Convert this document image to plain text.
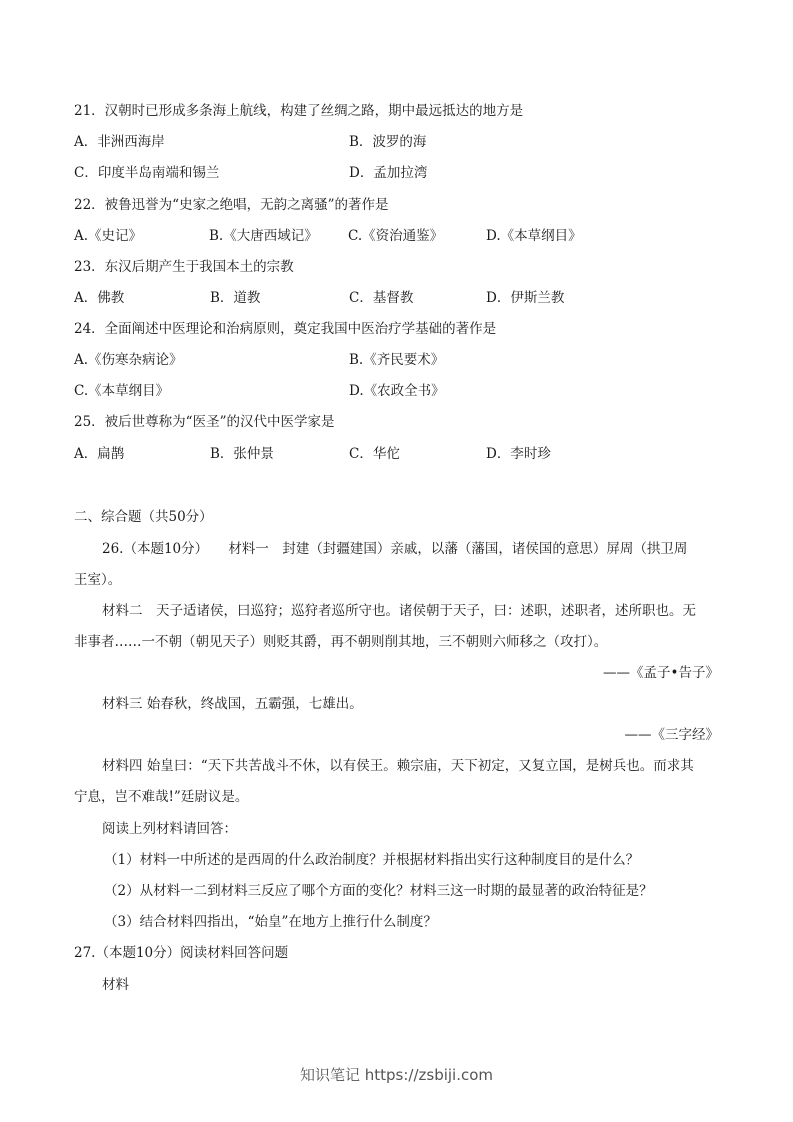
21．汉朝时已形成多条海上航线，构建了丝绸之路，期中最远抵达的地方是
A．非洲西海岸	B．波罗的海
C．印度半岛南端和锡兰	D．孟加拉湾
22．被鲁迅誉为“史家之绝唱，无韵之离骚”的著作是
A.《史记》	B.《大唐西域记》 C.《资治通鉴》	D.《本草纲目》
23．东汉后期产生于我国本土的宗教
A．佛教	B．道教	C．基督教	D．伊斯兰教
24．全面阐述中医理论和治病原则，奠定我国中医治疗学基础的著作是
A.《伤寒杂病论》	B.《齐民要术》
C.《本草纲目》	D.《农政全书》
25．被后世尊称为“医圣”的汉代中医学家是
A．扁鹊	B．张仲景	C．华佗	D．李时珍
二、综合题（共50分）
26.（本题10分）　　材料一　封建（封疆建国）亲戚，以藩（藩国，诸侯国的意思）屏周（拱卫周
王室）。
材料二　天子适诸侯，曰巡狩；巡狩者巡所守也。诸侯朝于天子，曰：述职，述职者，述所职也。无
非事者……一不朝（朝见天子）则贬其爵，再不朝则削其地，三不朝则六师移之（攻打）。
——《孟子•告子》
材料三 始春秋，终战国，五霸强，七雄出。
——《三字经》
材料四 始皇曰：“天下共苦战斗不休，以有侯王。赖宗庙，天下初定，又复立国，是树兵也。而求其
宁息，岂不难哉!”廷尉议是。
阅读上列材料请回答：
（1）材料一中所述的是西周的什么政治制度？并根据材料指出实行这种制度目的是什么？
（2）从材料一二到材料三反应了哪个方面的变化？材料三这一时期的最显著的政治特征是？
（3）结合材料四指出，“始皇”在地方上推行什么制度？
27.（本题10分）阅读材料回答问题
材料
知识笔记 https://zsbiji.com
